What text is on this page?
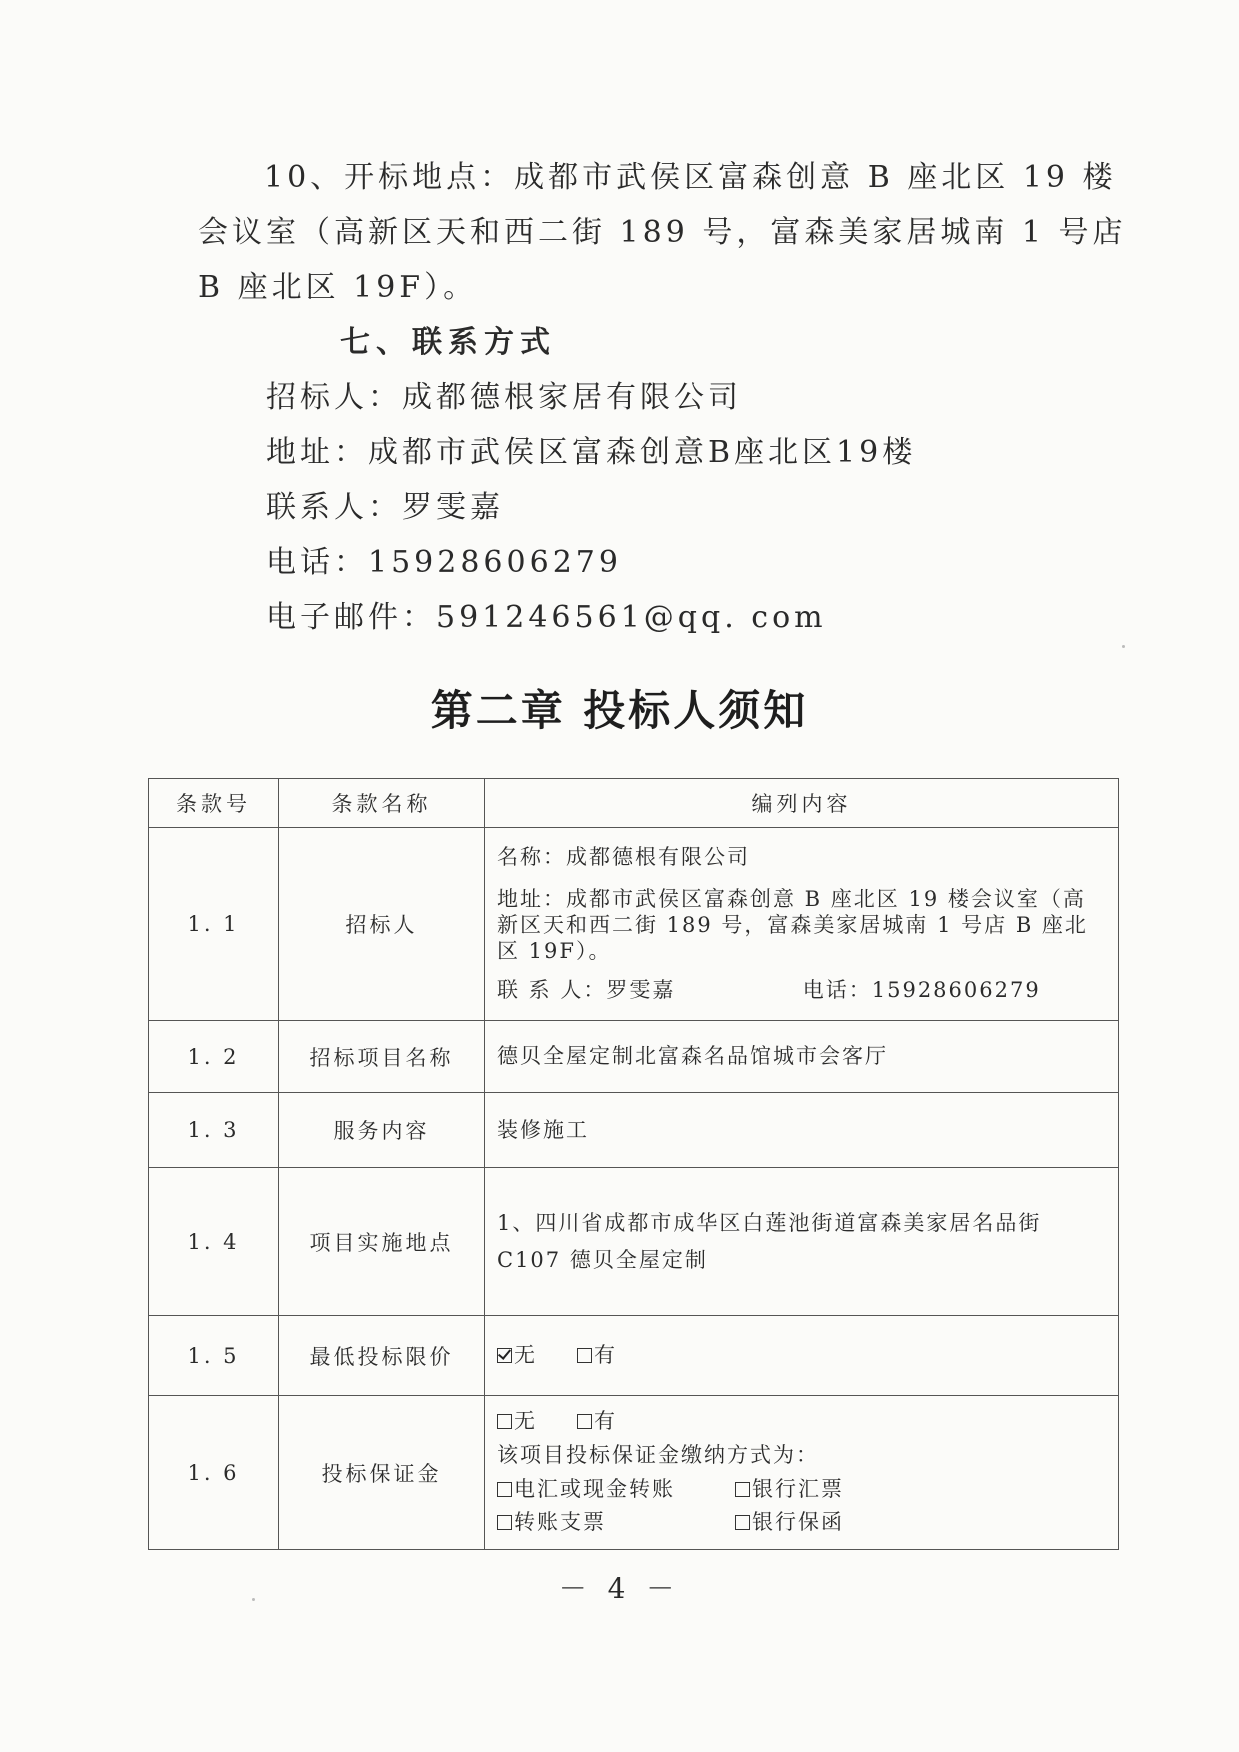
10、开标地点：成都市武侯区富森创意 B 座北区 19 楼
会议室（高新区天和西二街 189 号，富森美家居城南 1 号店
B 座北区 19F）。
七、联系方式
招标人：成都德根家居有限公司
地址：成都市武侯区富森创意B座北区19楼
联系人：罗雯嘉
电话：15928606279
电子邮件：591246561@qq. com
第二章 投标人须知
条款号	条款名称	编列内容
1. 1	招标人	名称：成都德根有限公司
地址：成都市武侯区富森创意 B 座北区 19 楼会议室（高新区天和西二街 189 号，富森美家居城南 1 号店 B 座北区 19F）。
联 系 人：罗雯嘉 电话：15928606279

1. 2	招标项目名称	德贝全屋定制北富森名品馆城市会客厅
1. 3	服务内容	装修施工
1. 4	项目实施地点	1、四川省成都市成华区白莲池街道富森美家居名品街 C107 德贝全屋定制
1. 5	最低投标限价	无 有
1. 6	投标保证金	无 有
该项目投标保证金缴纳方式为：
电汇或现金转账 银行汇票
转账支票 银行保函
－ 4 －
